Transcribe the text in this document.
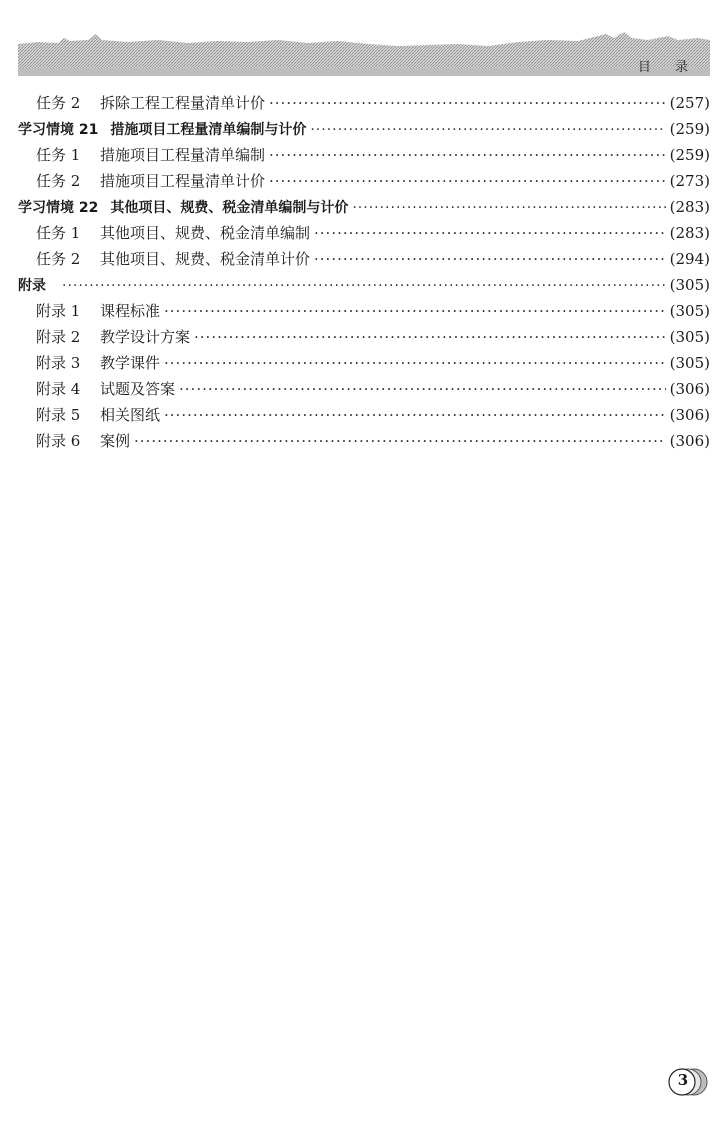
目 录
任务 2	拆除工程工程量清单计价 ·····	(257)
学习情境 21 措施项目工程量清单编制与计价 ·····	(259)
任务 1	措施项目工程量清单编制 ·····	(259)
任务 2	措施项目工程量清单计价 ·····	(273)
学习情境 22 其他项目、规费、税金清单编制与计价 ·····	(283)
任务 1	其他项目、规费、税金清单编制 ·····	(283)
任务 2	其他项目、规费、税金清单计价 ·····	(294)
附录 ·····	(305)
附录 1	课程标准 ·····	(305)
附录 2	教学设计方案 ·····	(305)
附录 3	教学课件 ·····	(305)
附录 4	试题及答案 ·····	(306)
附录 5	相关图纸 ·····	(306)
附录 6	案例 ·····	(306)
3
